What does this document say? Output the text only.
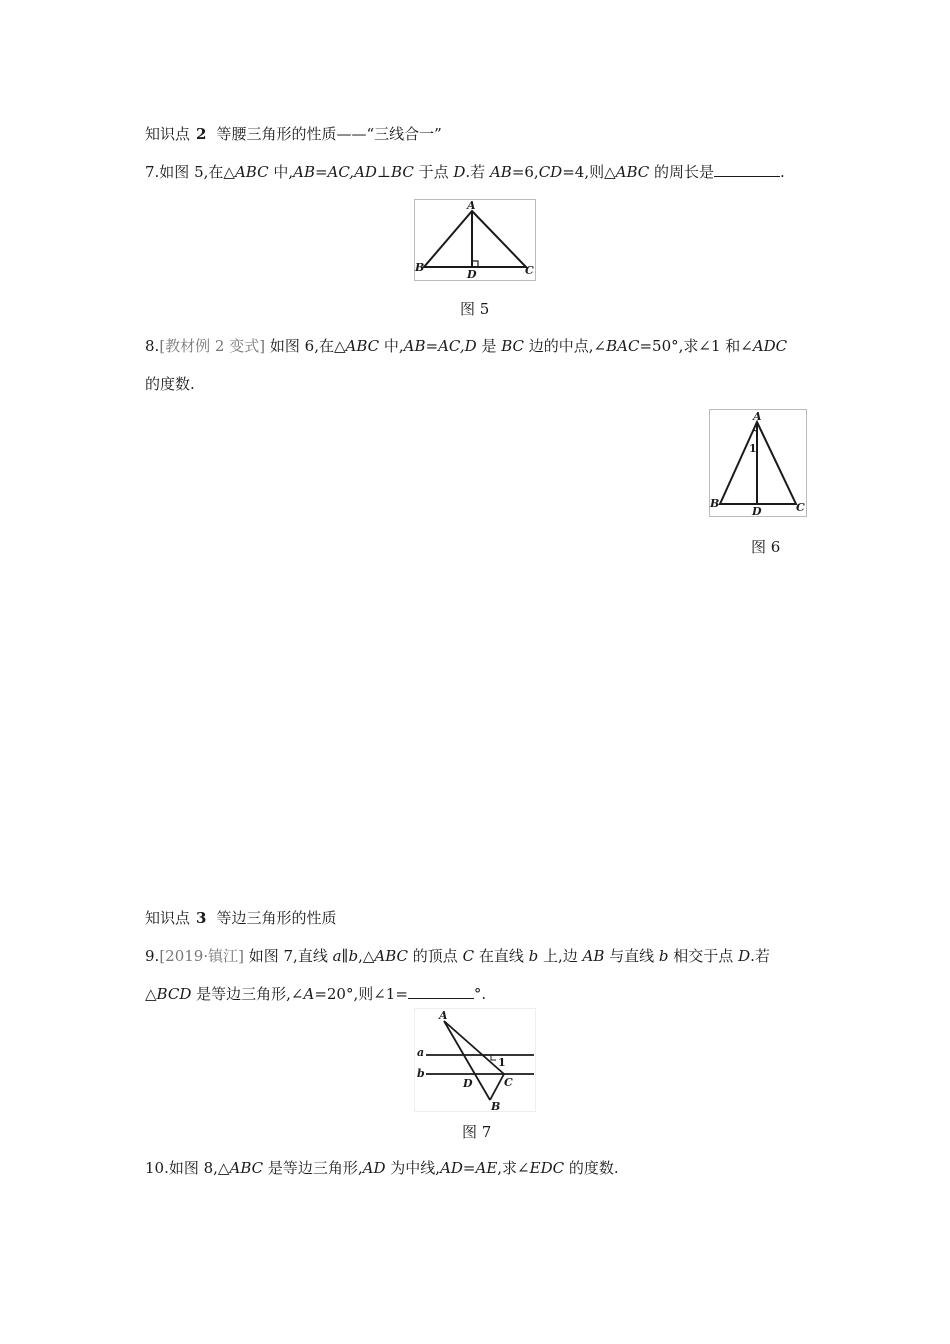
知识点 2 等腰三角形的性质——“三线合一”
7.如图 5,在△ABC 中,AB=AC,AD⊥BC 于点 D.若 AB=6,CD=4,则△ABC 的周长是	.
A
B	C
D
图 5
8.[教材例 2 变式] 如图 6,在△ABC 中,AB=AC,D 是 BC 边的中点,∠BAC=50°,求∠1 和∠ADC
的度数.
A
1
B	C
D
图 6
知识点 3 等边三角形的性质
9.[2019·镇江] 如图 7,直线 a∥b,△ABC 的顶点 C 在直线 b 上,边 AB 与直线 b 相交于点 D.若
△BCD 是等边三角形,∠A=20°,则∠1=	°.
A
a
b
1
D	C
B
图 7
10.如图 8,△ABC 是等边三角形,AD 为中线,AD=AE,求∠EDC 的度数.
